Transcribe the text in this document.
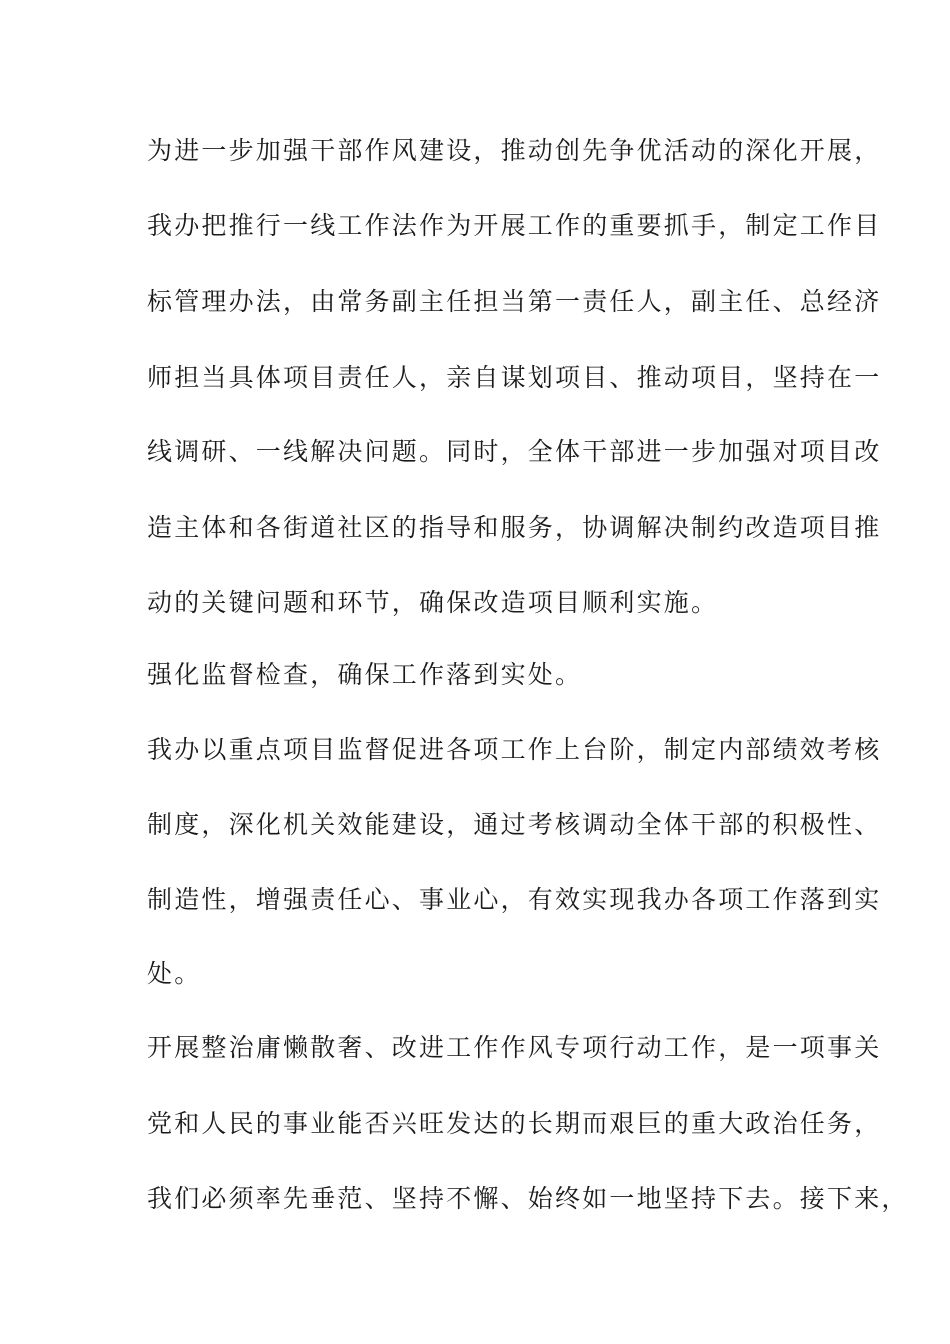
为进一步加强干部作风建设，推动创先争优活动的深化开展，
我办把推行一线工作法作为开展工作的重要抓手，制定工作目
标管理办法，由常务副主任担当第一责任人，副主任、总经济
师担当具体项目责任人，亲自谋划项目、推动项目，坚持在一
线调研、一线解决问题。同时，全体干部进一步加强对项目改
造主体和各街道社区的指导和服务，协调解决制约改造项目推
动的关键问题和环节，确保改造项目顺利实施。
强化监督检查，确保工作落到实处。
我办以重点项目监督促进各项工作上台阶，制定内部绩效考核
制度，深化机关效能建设，通过考核调动全体干部的积极性、
制造性，增强责任心、事业心，有效实现我办各项工作落到实
处。
开展整治庸懒散奢、改进工作作风专项行动工作，是一项事关
党和人民的事业能否兴旺发达的长期而艰巨的重大政治任务，
我们必须率先垂范、坚持不懈、始终如一地坚持下去。接下来，
